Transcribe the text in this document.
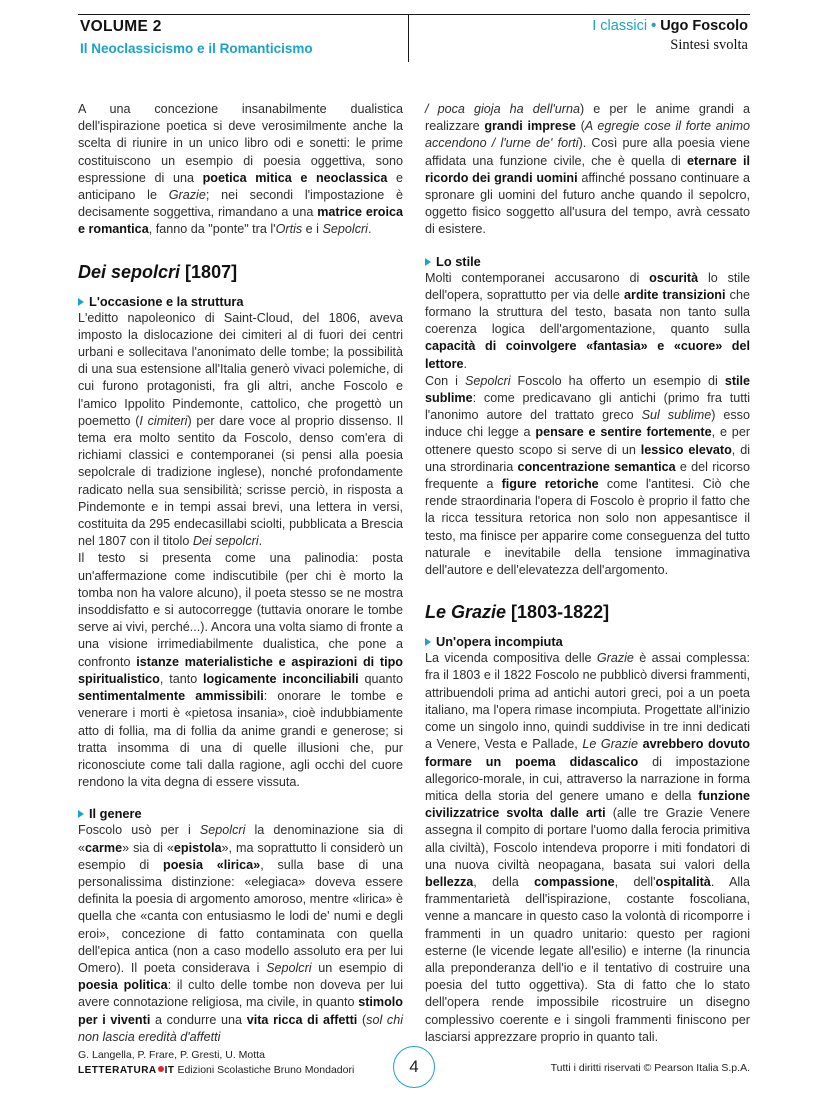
VOLUME 2
Il Neoclassicismo e il Romanticismo
I classici • Ugo Foscolo
Sintesi svolta

A una concezione insanabilmente dualistica dell'ispirazione poetica si deve verosimilmente anche la scelta di riunire in un unico libro odi e sonetti: le prime costituiscono un esempio di poesia oggettiva, sono espressione di una poetica mitica e neoclassica e anticipano le Grazie; nei secondi l'impostazione è decisamente soggettiva, rimandano a una matrice eroica e romantica, fanno da "ponte" tra l'Ortis e i Sepolcri.

Dei sepolcri [1807]
L'occasione e la struttura

L'editto napoleonico di Saint-Cloud, del 1806, aveva imposto la dislocazione dei cimiteri al di fuori dei centri urbani e sollecitava l'anonimato delle tombe; la possibilità di una sua estensione all'Italia generò vivaci polemiche, di cui furono protagonisti, fra gli altri, anche Foscolo e l'amico Ippolito Pindemonte, cattolico, che progettò un poemetto (I cimiteri) per dare voce al proprio dissenso. Il tema era molto sentito da Foscolo, denso com'era di richiami classici e contemporanei (si pensi alla poesia sepolcrale di tradizione inglese), nonché profondamente radicato nella sua sensibilità; scrisse perciò, in risposta a Pindemonte e in tempi assai brevi, una lettera in versi, costituita da 295 endecasillabi sciolti, pubblicata a Brescia nel 1807 con il titolo Dei sepolcri.

Il testo si presenta come una palinodia: posta un'affermazione come indiscutibile (per chi è morto la tomba non ha valore alcuno), il poeta stesso se ne mostra insoddisfatto e si autocorregge (tuttavia onorare le tombe serve ai vivi, perché...). Ancora una volta siamo di fronte a una visione irrimediabilmente dualistica, che pone a confronto istanze materialistiche e aspirazioni di tipo spiritualistico, tanto logicamente inconciliabili quanto sentimentalmente ammissibili: onorare le tombe e venerare i morti è «pietosa insania», cioè indubbiamente atto di follia, ma di follia da anime grandi e generose; si tratta insomma di una di quelle illusioni che, pur riconosciute come tali dalla ragione, agli occhi del cuore rendono la vita degna di essere vissuta.

Il genere

Foscolo usò per i Sepolcri la denominazione sia di «carme» sia di «epistola», ma soprattutto li considerò un esempio di poesia «lirica», sulla base di una personalissima distinzione: «elegiaca» doveva essere definita la poesia di argomento amoroso, mentre «lirica» è quella che «canta con entusiasmo le lodi de' numi e degli eroi», concezione di fatto contaminata con quella dell'epica antica (non a caso modello assoluto era per lui Omero). Il poeta considerava i Sepolcri un esempio di poesia politica: il culto delle tombe non doveva per lui avere connotazione religiosa, ma civile, in quanto stimolo per i viventi a condurre una vita ricca di affetti (sol chi non lascia eredità d'affetti

/ poca gioja ha dell'urna) e per le anime grandi a realizzare grandi imprese (A egregie cose il forte animo accendono / l'urne de' forti). Così pure alla poesia viene affidata una funzione civile, che è quella di eternare il ricordo dei grandi uomini affinché possano continuare a spronare gli uomini del futuro anche quando il sepolcro, oggetto fisico soggetto all'usura del tempo, avrà cessato di esistere.

Lo stile

Molti contemporanei accusarono di oscurità lo stile dell'opera, soprattutto per via delle ardite transizioni che formano la struttura del testo, basata non tanto sulla coerenza logica dell'argomentazione, quanto sulla capacità di coinvolgere «fantasia» e «cuore» del lettore.

Con i Sepolcri Foscolo ha offerto un esempio di stile sublime: come predicavano gli antichi (primo fra tutti l'anonimo autore del trattato greco Sul sublime) esso induce chi legge a pensare e sentire fortemente, e per ottenere questo scopo si serve di un lessico elevato, di una strordinaria concentrazione semantica e del ricorso frequente a figure retoriche come l'antitesi. Ciò che rende straordinaria l'opera di Foscolo è proprio il fatto che la ricca tessitura retorica non solo non appesantisce il testo, ma finisce per apparire come conseguenza del tutto naturale e inevitabile della tensione immaginativa dell'autore e dell'elevatezza dell'argomento.

Le Grazie [1803-1822]
Un'opera incompiuta

La vicenda compositiva delle Grazie è assai complessa: fra il 1803 e il 1822 Foscolo ne pubblicò diversi frammenti, attribuendoli prima ad antichi autori greci, poi a un poeta italiano, ma l'opera rimase incompiuta. Progettate all'inizio come un singolo inno, quindi suddivise in tre inni dedicati a Venere, Vesta e Pallade, Le Grazie avrebbero dovuto formare un poema didascalico di impostazione allegorico-morale, in cui, attraverso la narrazione in forma mitica della storia del genere umano e della funzione civilizzatrice svolta dalle arti (alle tre Grazie Venere assegna il compito di portare l'uomo dalla ferocia primitiva alla civiltà), Foscolo intendeva proporre i miti fondatori di una nuova civiltà neopagana, basata sui valori della bellezza, della compassione, dell'ospitalità. Alla frammentarietà dell'ispirazione, costante foscoliana, venne a mancare in questo caso la volontà di ricomporre i frammenti in un quadro unitario: questo per ragioni esterne (le vicende legate all'esilio) e interne (la rinuncia alla preponderanza dell'io e il tentativo di costruire una poesia del tutto oggettiva). Sta di fatto che lo stato dell'opera rende impossibile ricostruire un disegno complessivo coerente e i singoli frammenti finiscono per lasciarsi apprezzare proprio in quanto tali.

G. Langella, P. Frare, P. Gresti, U. Motta
LETTERATURA IT Edizioni Scolastiche Bruno Mondadori	4	Tutti i diritti riservati © Pearson Italia S.p.A.
